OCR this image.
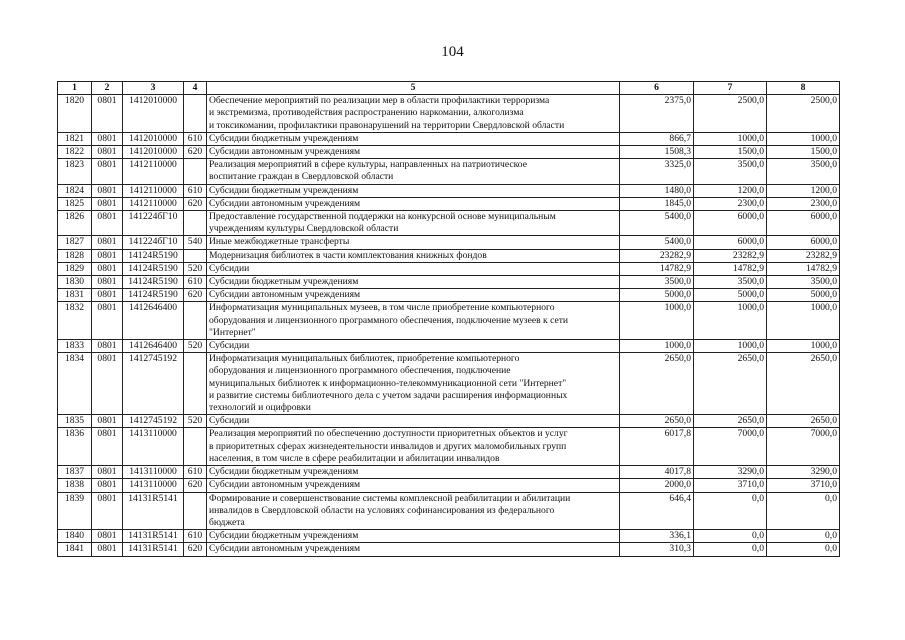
104
1	2	3	4	5	6	7	8
1820	0801	1412010000		Обеспечение мероприятий по реализации мер в области профилактики терроризма
и экстремизма, противодействия распространению наркомании, алкоголизма
и токсикомании, профилактики правонарушений на территории Свердловской области	2375,0	2500,0	2500,0
1821	0801	1412010000	610	Субсидии бюджетным учреждениям	866,7	1000,0	1000,0
1822	0801	1412010000	620	Субсидии автономным учреждениям	1508,3	1500,0	1500,0
1823	0801	1412110000		Реализация мероприятий в сфере культуры, направленных на патриотическое
воспитание граждан в Свердловской области	3325,0	3500,0	3500,0
1824	0801	1412110000	610	Субсидии бюджетным учреждениям	1480,0	1200,0	1200,0
1825	0801	1412110000	620	Субсидии автономным учреждениям	1845,0	2300,0	2300,0
1826	0801	141224бГ10		Предоставление государственной поддержки на конкурсной основе муниципальным
учреждениям культуры Свердловской области	5400,0	6000,0	6000,0
1827	0801	141224бГ10	540	Иные межбюджетные трансферты	5400,0	6000,0	6000,0
1828	0801	14124R5190		Модернизация библиотек в части комплектования книжных фондов	23282,9	23282,9	23282,9
1829	0801	14124R5190	520	Субсидии	14782,9	14782,9	14782,9
1830	0801	14124R5190	610	Субсидии бюджетным учреждениям	3500,0	3500,0	3500,0
1831	0801	14124R5190	620	Субсидии автономным учреждениям	5000,0	5000,0	5000,0
1832	0801	1412646400		Информатизация муниципальных музеев, в том числе приобретение компьютерного
оборудования и лицензионного программного обеспечения, подключение музеев к сети
"Интернет"	1000,0	1000,0	1000,0
1833	0801	1412646400	520	Субсидии	1000,0	1000,0	1000,0
1834	0801	1412745192		Информатизация муниципальных библиотек, приобретение компьютерного
оборудования и лицензионного программного обеспечения, подключение
муниципальных библиотек к информационно-телекоммуникационной сети "Интернет"
и развитие системы библиотечного дела с учетом задачи расширения информационных
технологий и оцифровки	2650,0	2650,0	2650,0
1835	0801	1412745192	520	Субсидии	2650,0	2650,0	2650,0
1836	0801	1413110000		Реализация мероприятий по обеспечению доступности приоритетных объектов и услуг
в приоритетных сферах жизнедеятельности инвалидов и других маломобильных групп
населения, в том числе в сфере реабилитации и абилитации инвалидов	6017,8	7000,0	7000,0
1837	0801	1413110000	610	Субсидии бюджетным учреждениям	4017,8	3290,0	3290,0
1838	0801	1413110000	620	Субсидии автономным учреждениям	2000,0	3710,0	3710,0
1839	0801	14131R5141		Формирование и совершенствование системы комплексной реабилитации и абилитации
инвалидов в Свердловской области на условиях софинансирования из федерального
бюджета	646,4	0,0	0,0
1840	0801	14131R5141	610	Субсидии бюджетным учреждениям	336,1	0,0	0,0
1841	0801	14131R5141	620	Субсидии автономным учреждениям	310,3	0,0	0,0
